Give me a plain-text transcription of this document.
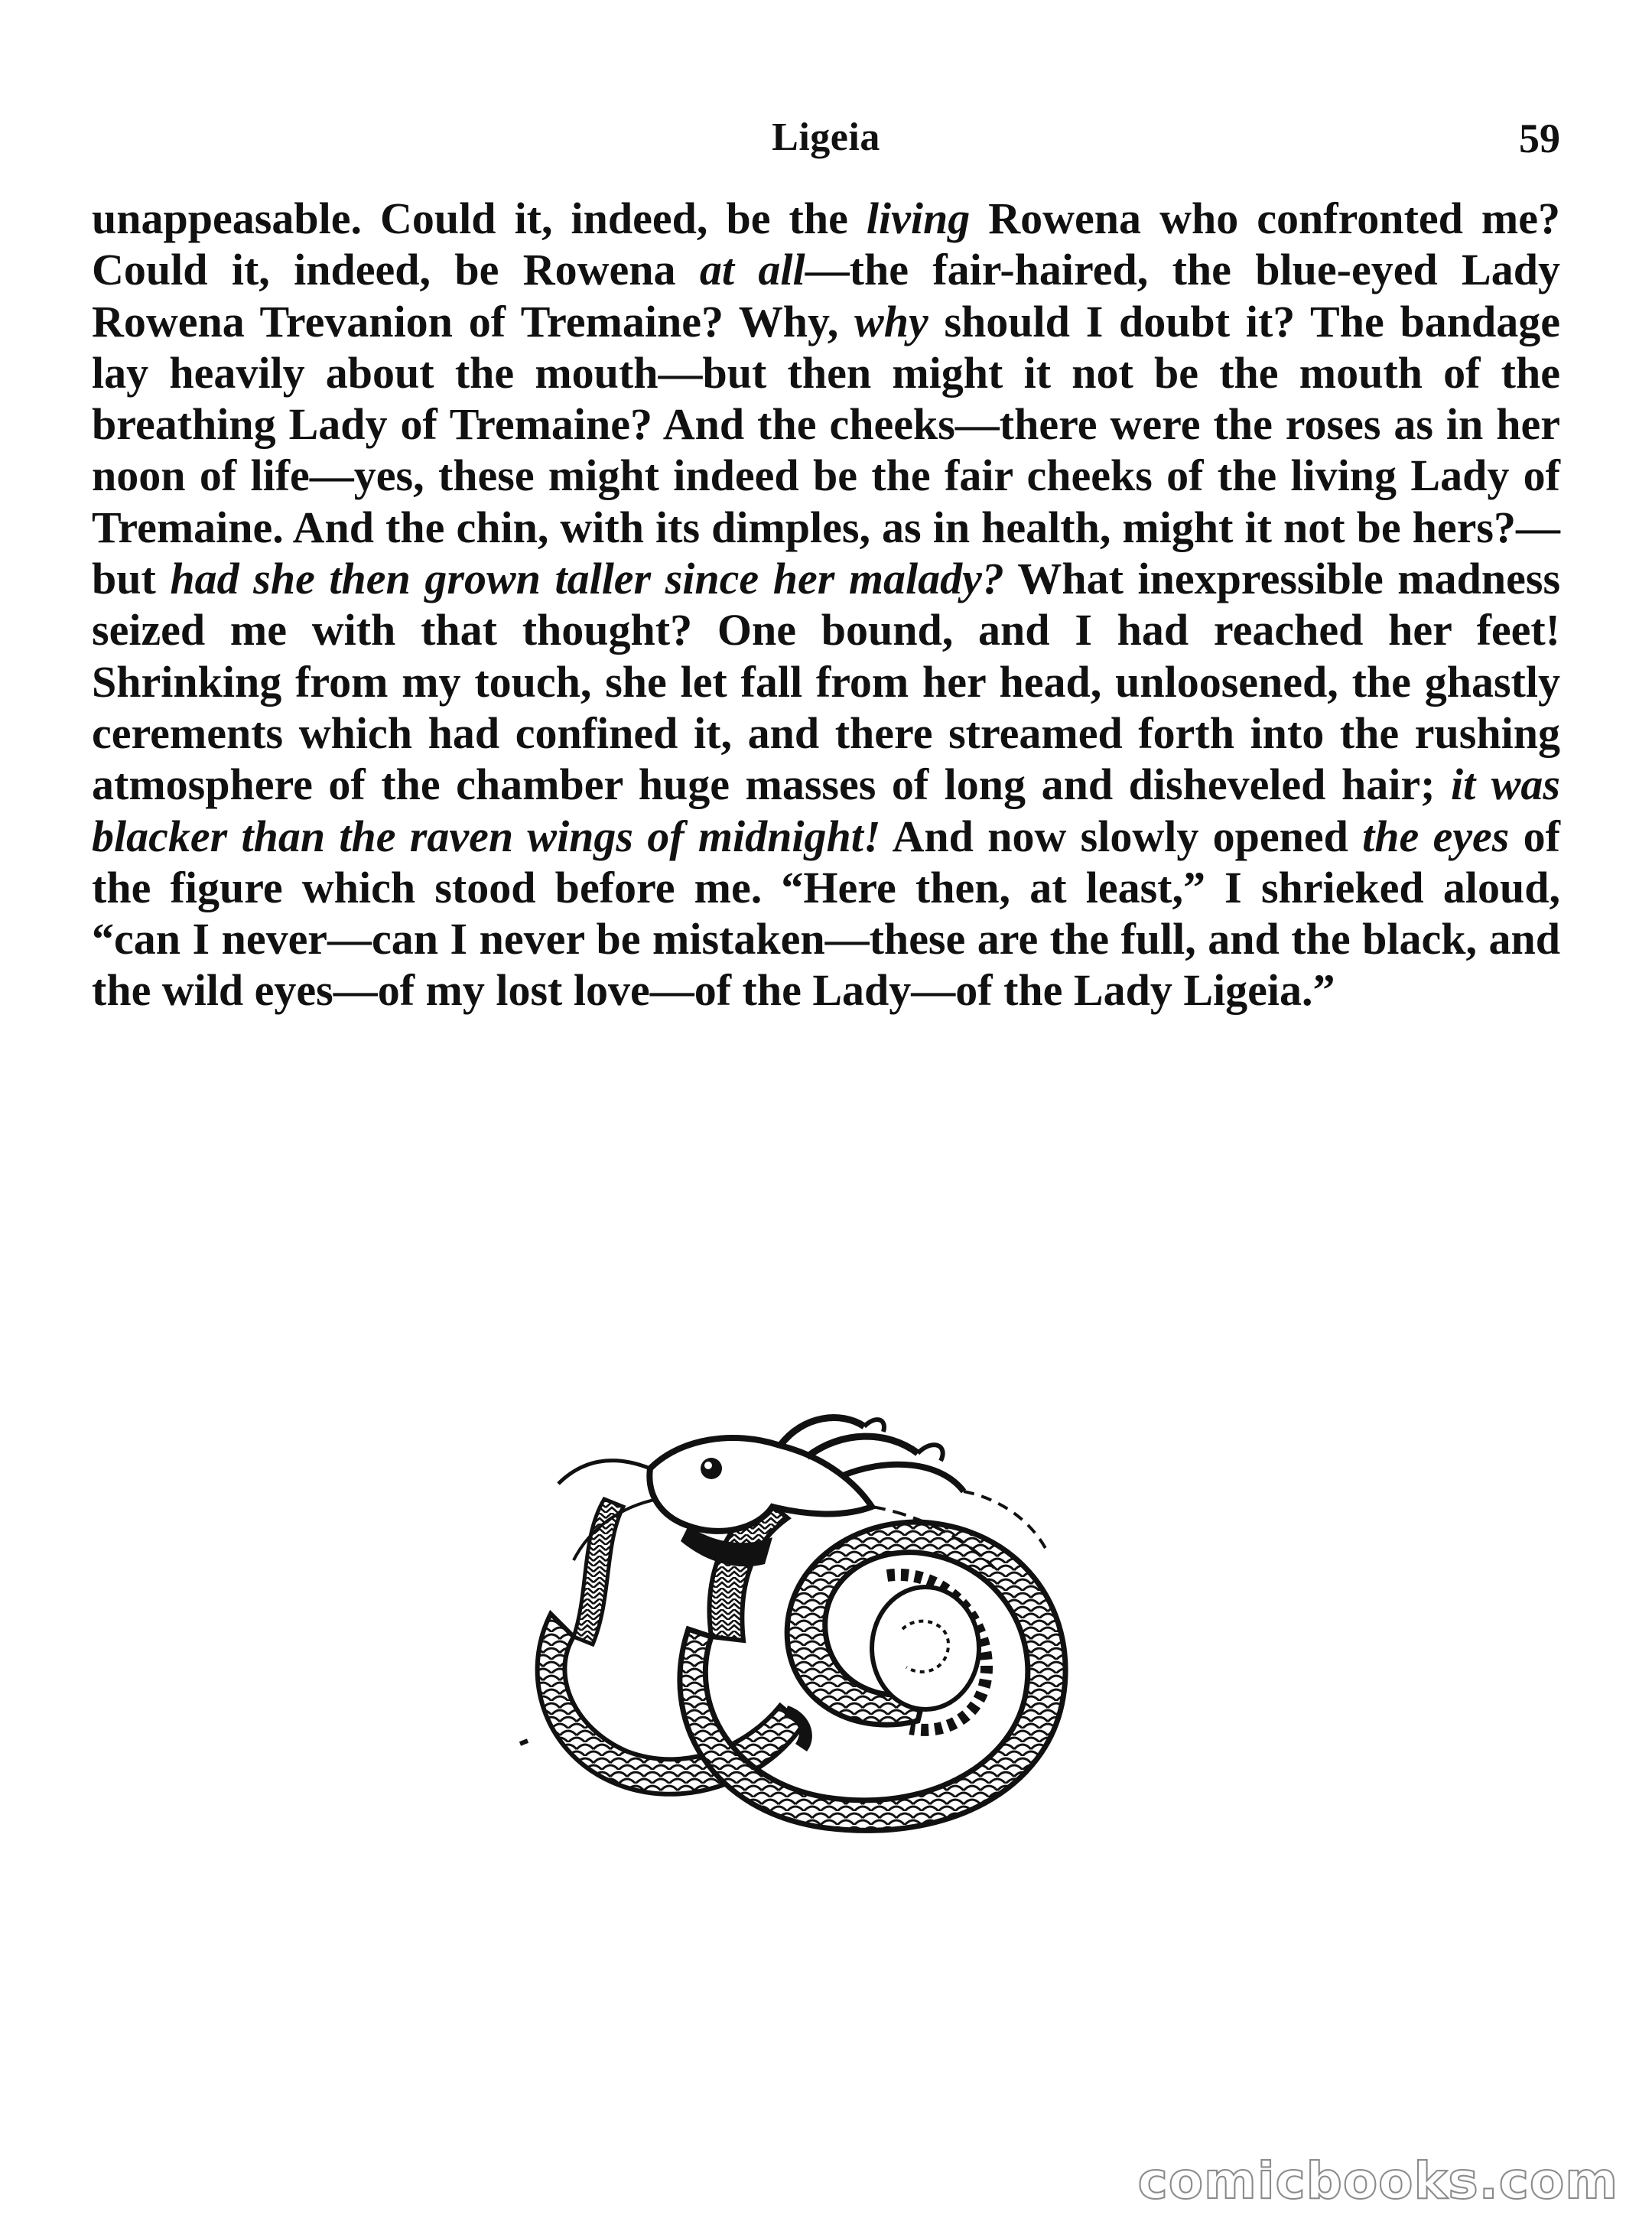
Ligeia	59

unappeasable. Could it, indeed, be the living Rowena who confronted me? Could it, indeed, be Rowena at all—the fair-haired, the blue-eyed Lady Rowena Trevanion of Tremaine? Why, why should I doubt it? The bandage lay heavily about the mouth—but then might it not be the mouth of the breathing Lady of Tremaine? And the cheeks—there were the roses as in her noon of life—yes, these might indeed be the fair cheeks of the living Lady of Tremaine. And the chin, with its dimples, as in health, might it not be hers?—but had she then grown taller since her malady? What inexpressible madness seized me with that thought? One bound, and I had reached her feet! Shrinking from my touch, she let fall from her head, unloosened, the ghastly cerements which had confined it, and there streamed forth into the rushing atmosphere of the chamber huge masses of long and disheveled hair; it was blacker than the raven wings of midnight! And now slowly opened the eyes of the figure which stood before me. “Here then, at least,” I shrieked aloud, “can I never—can I never be mistaken—these are the full, and the black, and the wild eyes—of my lost love—of the Lady—of the Lady Ligeia.”

comicbooks.com
